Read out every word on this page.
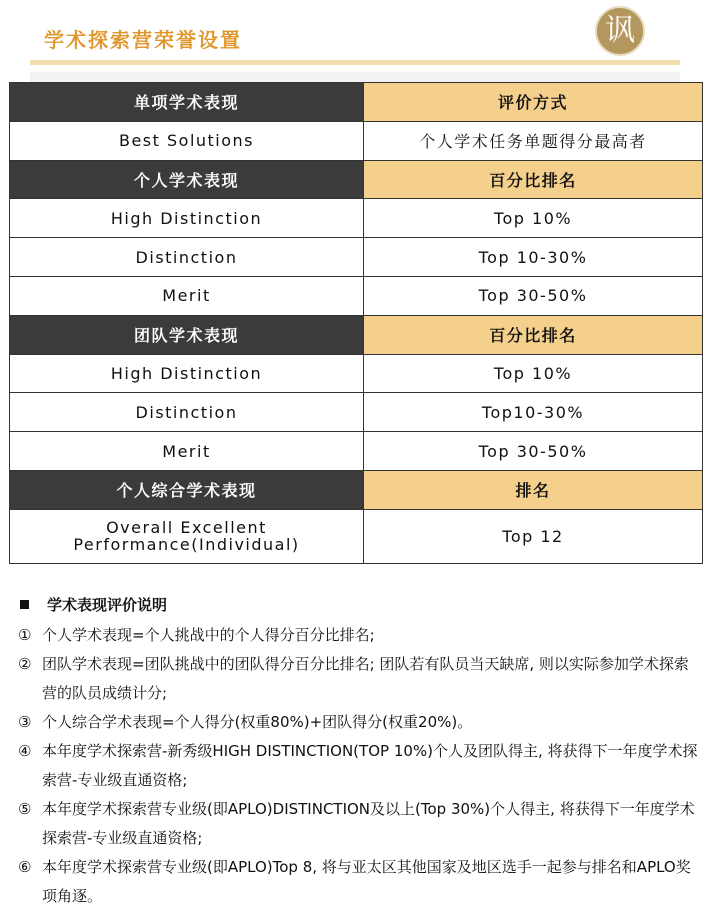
学术探索营荣誉设置	讽
单项学术表现	评价方式
Best Solutions	个人学术任务单题得分最高者
个人学术表现	百分比排名
High Distinction	Top 10%
Distinction	Top 10-30%
Merit	Top 30-50%
团队学术表现	百分比排名
High Distinction	Top 10%
Distinction	Top10-30%
Merit	Top 30-50%
个人综合学术表现	排名

Overall Excellent
Performance(Individual)	Top 12
学术表现评价说明
① 个人学术表现=个人挑战中的个人得分百分比排名;
② 团队学术表现=团队挑战中的团队得分百分比排名; 团队若有队员当天缺席, 则以实际参加学术探索营的队员成绩计分;
③ 个人综合学术表现=个人得分(权重80%)+团队得分(权重20%)。
④ 本年度学术探索营-新秀级HIGH DISTINCTION(TOP 10%)个人及团队得主, 将获得下一年度学术探索营-专业级直通资格;
⑤ 本年度学术探索营专业级(即APLO)DISTINCTION及以上(Top 30%)个人得主, 将获得下一年度学术探索营-专业级直通资格;
⑥ 本年度学术探索营专业级(即APLO)Top 8, 将与亚太区其他国家及地区选手一起参与排名和APLO奖项角逐。
